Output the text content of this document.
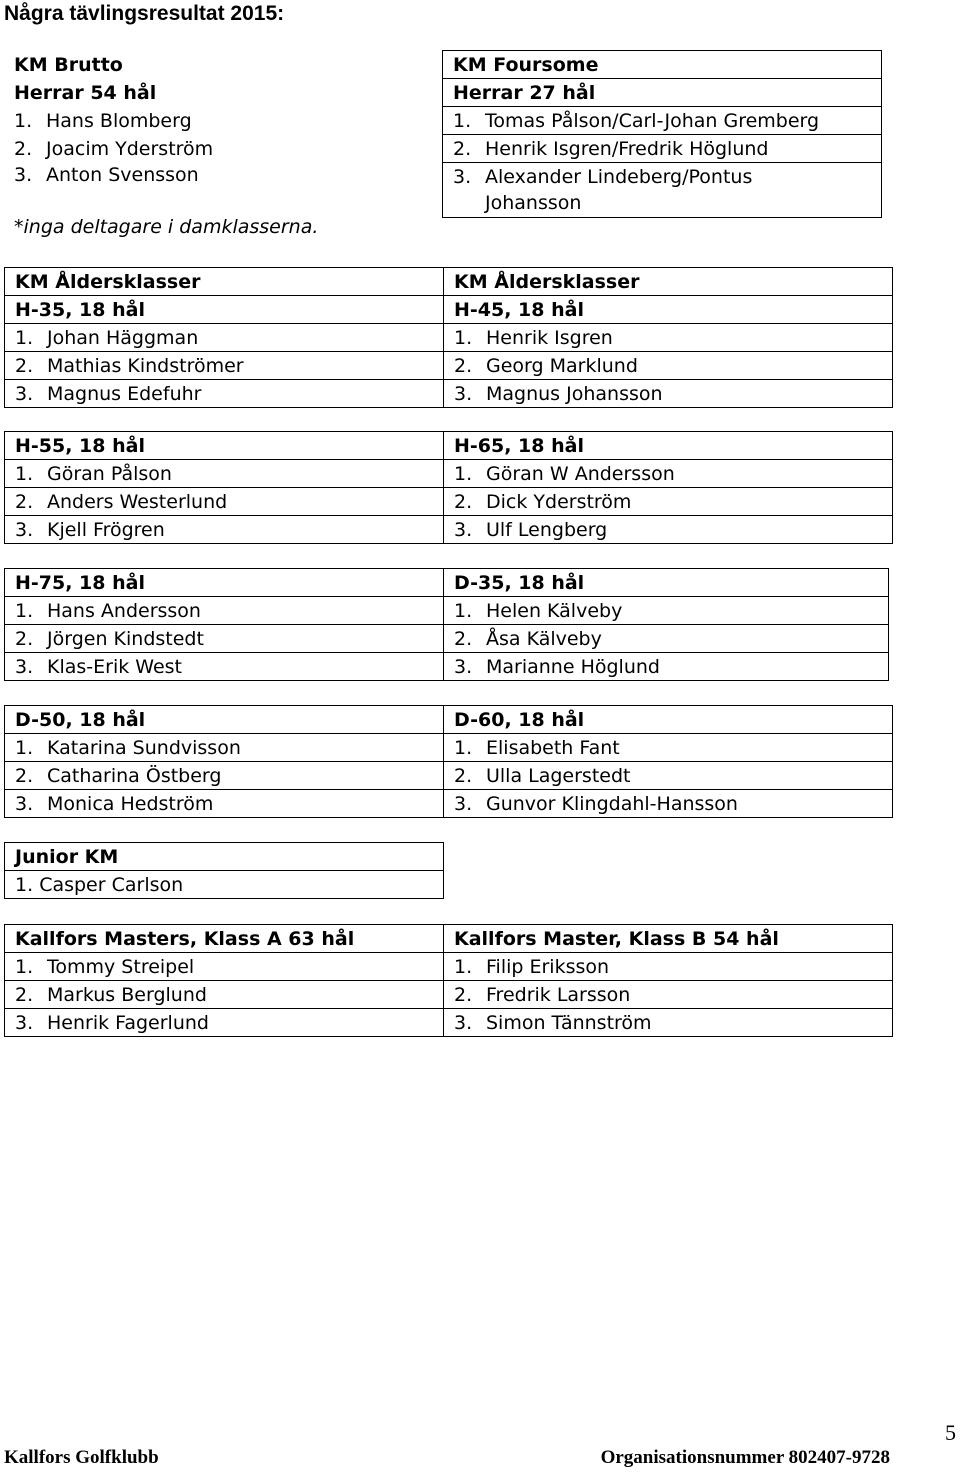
Några tävlingsresultat 2015:
KM Brutto	KM Foursome
Herrar 54 hål	Herrar 27 hål
1. Hans Blomberg	1. Tomas Pålson/Carl-Johan Gremberg
2. Joacim Yderström	2. Henrik Isgren/Fredrik Höglund
3. Anton Svensson	3. Alexander Lindeberg/Pontus
Johansson
*inga deltagare i damklasserna.
KM Åldersklasser	KM Åldersklasser
H-35, 18 hål	H-45, 18 hål
1. Johan Häggman	1. Henrik Isgren
2. Mathias Kindströmer	2. Georg Marklund
3. Magnus Edefuhr	3. Magnus Johansson
H-55, 18 hål	H-65, 18 hål
1. Göran Pålson	1. Göran W Andersson
2. Anders Westerlund	2. Dick Yderström
3. Kjell Frögren	3. Ulf Lengberg
H-75, 18 hål	D-35, 18 hål
1. Hans Andersson	1. Helen Kälveby
2. Jörgen Kindstedt	2. Åsa Kälveby
3. Klas-Erik West	3. Marianne Höglund
D-50, 18 hål	D-60, 18 hål
1. Katarina Sundvisson	1. Elisabeth Fant
2. Catharina Östberg	2. Ulla Lagerstedt
3. Monica Hedström	3. Gunvor Klingdahl-Hansson
Junior KM
1. Casper Carlson
Kallfors Masters, Klass A 63 hål	Kallfors Master, Klass B 54 hål
1. Tommy Streipel	1. Filip Eriksson
2. Markus Berglund	2. Fredrik Larsson
3. Henrik Fagerlund	3. Simon Tännström
5
Kallfors Golfklubb	Organisationsnummer 802407-9728
